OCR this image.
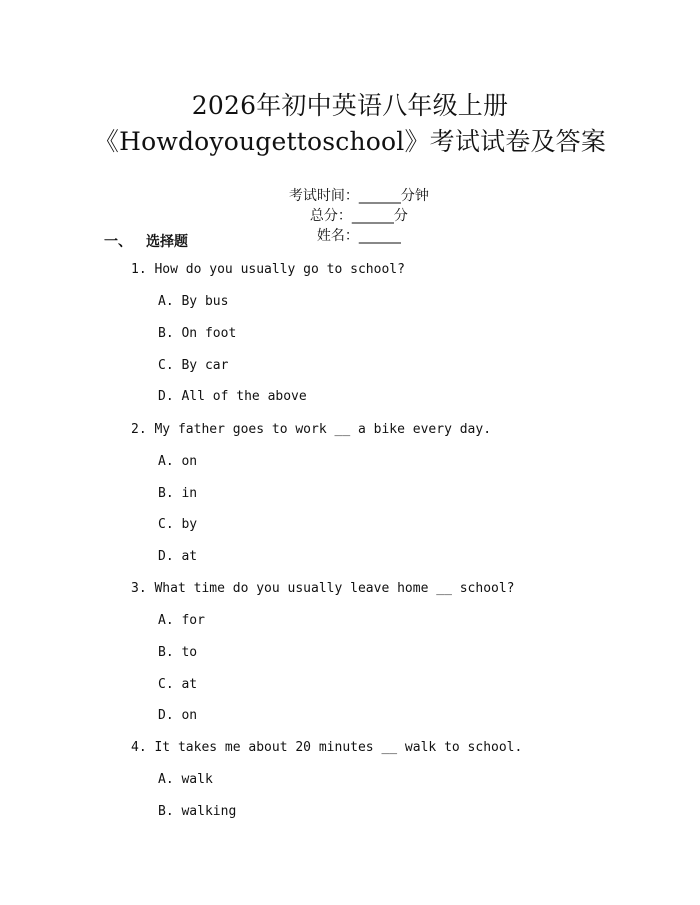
2026年初中英语八年级上册
《Howdoyougettoschool》考试试卷及答案

考试时间：______分钟
总分：______分
姓名：______

一、 选择题
1. How do you usually go to school?
A. By bus
B. On foot
C. By car
D. All of the above
2. My father goes to work __ a bike every day.
A. on
B. in
C. by
D. at
3. What time do you usually leave home __ school?
A. for
B. to
C. at
D. on
4. It takes me about 20 minutes __ walk to school.
A. walk
B. walking
